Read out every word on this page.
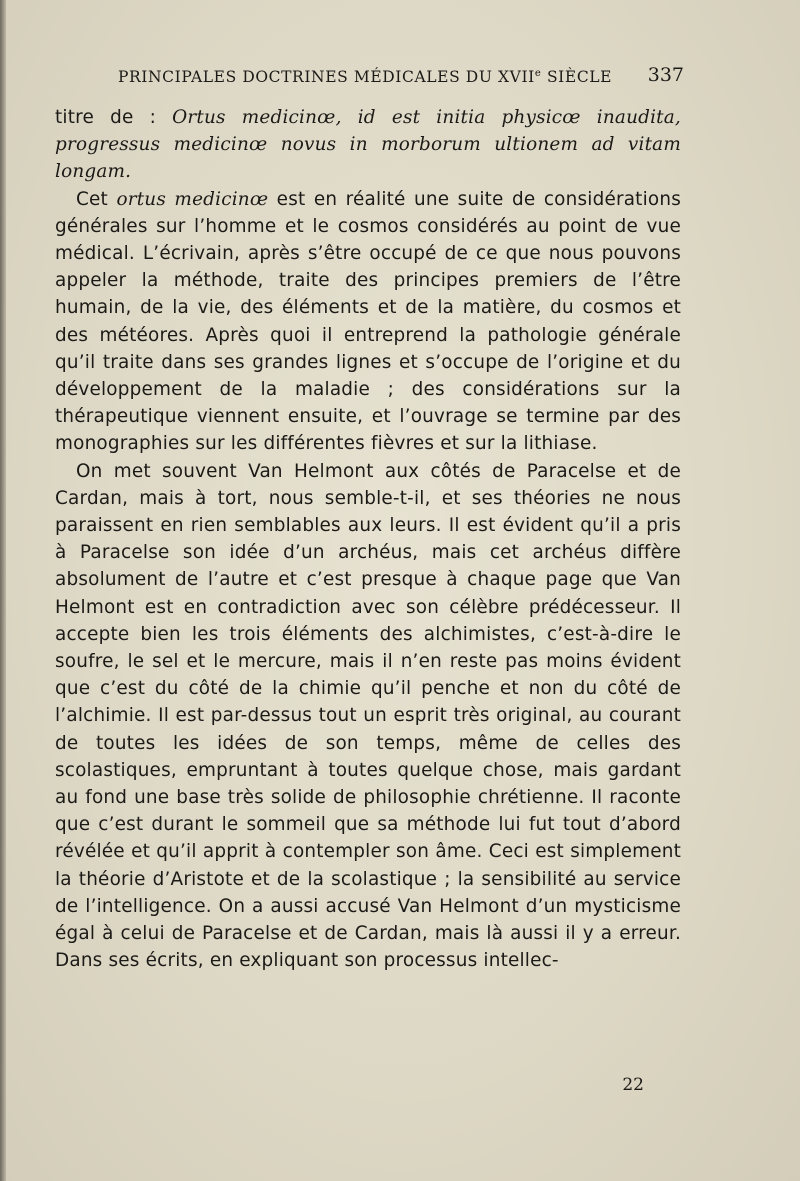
PRINCIPALES DOCTRINES MÉDICALES DU XVIIe SIÈCLE 337

titre de : Ortus medicinœ, id est initia physicœ inaudita, progressus medicinœ novus in morborum ultionem ad vitam longam.

Cet ortus medicinœ est en réalité une suite de considérations générales sur l’homme et le cosmos considérés au point de vue médical. L’écrivain, après s’être occupé de ce que nous pouvons appeler la méthode, traite des principes premiers de l’être humain, de la vie, des éléments et de la matière, du cosmos et des météores. Après quoi il entreprend la pathologie générale qu’il traite dans ses grandes lignes et s’occupe de l’origine et du développement de la maladie ; des considérations sur la thérapeutique viennent ensuite, et l’ouvrage se termine par des monographies sur les différentes fièvres et sur la lithiase.

On met souvent Van Helmont aux côtés de Paracelse et de Cardan, mais à tort, nous semble-t-il, et ses théories ne nous paraissent en rien semblables aux leurs. Il est évident qu’il a pris à Paracelse son idée d’un archéus, mais cet archéus diffère absolument de l’autre et c’est presque à chaque page que Van Helmont est en contradiction avec son célèbre prédécesseur. Il accepte bien les trois éléments des alchimistes, c’est-à-dire le soufre, le sel et le mercure, mais il n’en reste pas moins évident que c’est du côté de la chimie qu’il penche et non du côté de l’alchimie. Il est par-dessus tout un esprit très original, au courant de toutes les idées de son temps, même de celles des scolastiques, empruntant à toutes quelque chose, mais gardant au fond une base très solide de philosophie chrétienne. Il raconte que c’est durant le sommeil que sa méthode lui fut tout d’abord révélée et qu’il apprit à contempler son âme. Ceci est simplement la théorie d’Aristote et de la scolastique ; la sensibilité au service de l’intelligence. On a aussi accusé Van Helmont d’un mysticisme égal à celui de Paracelse et de Cardan, mais là aussi il y a erreur. Dans ses écrits, en expliquant son processus intellec-

22
